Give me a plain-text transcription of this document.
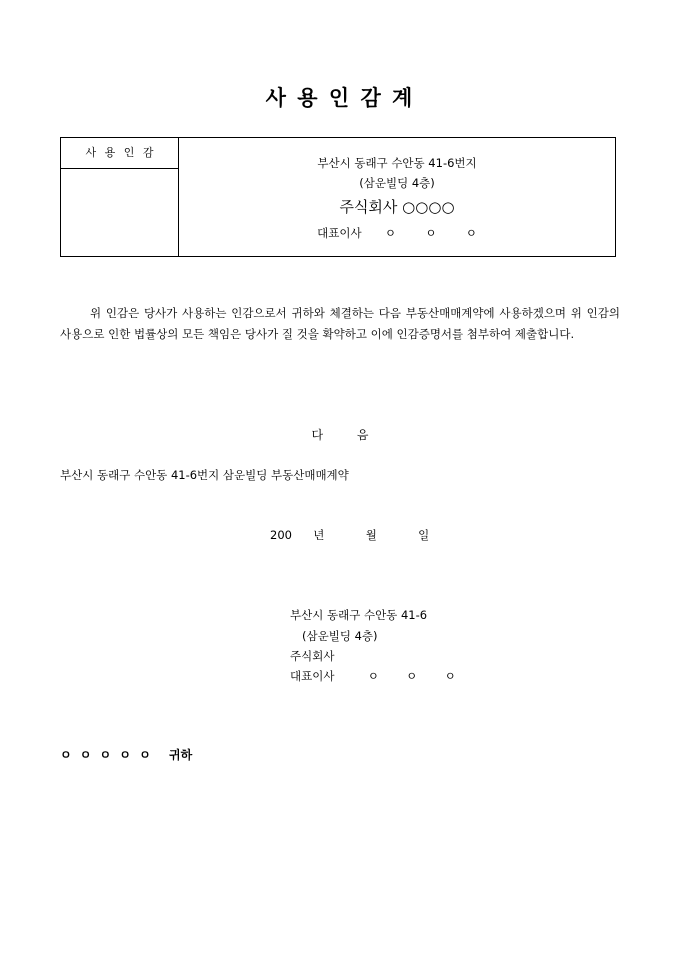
사 용 인 감 계
사 용 인 감
부산시 동래구 수안동 41-6번지
(삼운빌딩 4층)
주식회사 ○○○○
대표이사 ㅇ	ㅇ	ㅇ
위 인감은 당사가 사용하는 인감으로서 귀하와 체결하는 다음 부동산매매계약에 사용하겠으며 위 인감의 사용으로 인한 법률상의 모든 책임은 당사가 질 것을 확약하고 이에 인감증명서를 첨부하여 제출합니다.
다 음
부산시 동래구 수안동 41-6번지 삼운빌딩 부동산매매계약
200 년	월	일
부산시 동래구 수안동 41-6
(삼운빌딩 4층)
주식회사
대표이사	ㅇ ㅇ ㅇ
ㅇ ㅇ ㅇ ㅇ ㅇ 귀하
